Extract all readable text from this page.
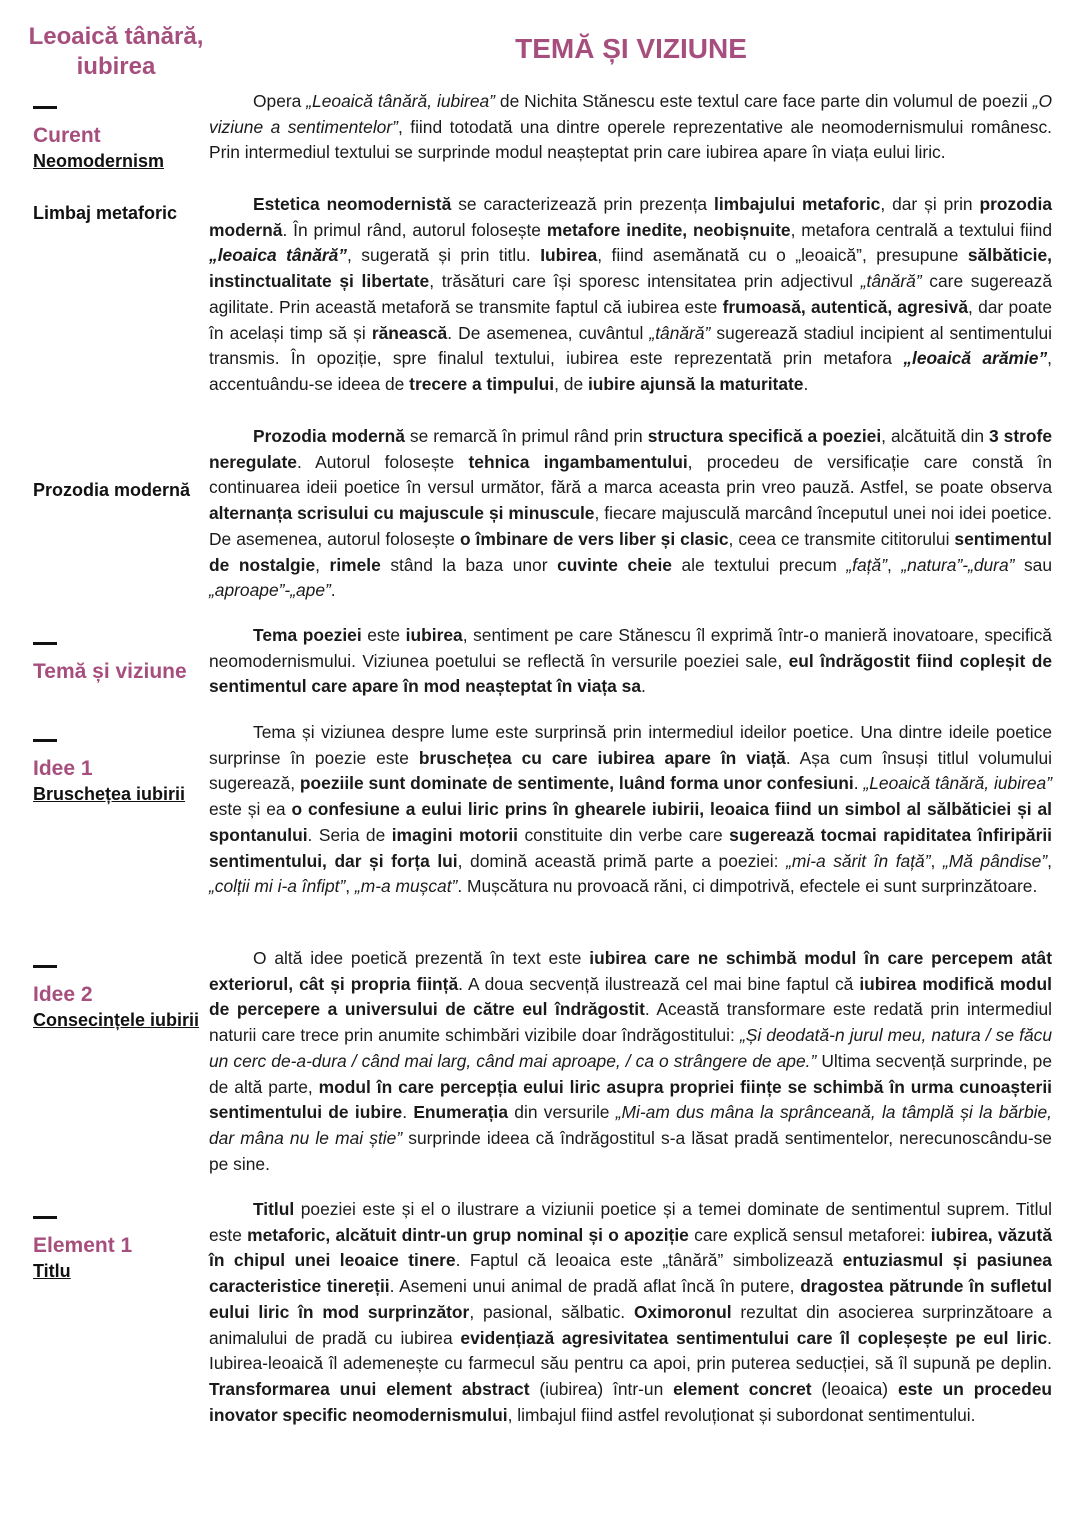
Leoaică tânără, iubirea
TEMĂ ȘI VIZIUNE
Curent
Neomodernism
Limbaj metaforic
Prozodia modernă
Temă și viziune
Idee 1
Bruschețea iubirii
Idee 2
Consecințele iubirii
Element 1
Titlu

Opera „Leoaică tânără, iubirea” de Nichita Stănescu este textul care face parte din volumul de poezii „O viziune a sentimentelor”, fiind totodată una dintre operele reprezentative ale neomodernismului românesc. Prin intermediul textului se surprinde modul neașteptat prin care iubirea apare în viața eului liric.

Estetica neomodernistă se caracterizează prin prezența limbajului metaforic, dar și prin prozodia modernă. În primul rând, autorul folosește metafore inedite, neobișnuite, metafora centrală a textului fiind „leoaica tânără”, sugerată și prin titlu. Iubirea, fiind asemănată cu o „leoaică”, presupune sălbăticie, instinctualitate și libertate, trăsături care își sporesc intensitatea prin adjectivul „tânără” care sugerează agilitate. Prin această metaforă se transmite faptul că iubirea este frumoasă, autentică, agresivă, dar poate în același timp să și rănească. De asemenea, cuvântul „tânără” sugerează stadiul incipient al sentimentului transmis. În opoziție, spre finalul textului, iubirea este reprezentată prin metafora „leoaică arămie”, accentuându-se ideea de trecere a timpului, de iubire ajunsă la maturitate.

Prozodia modernă se remarcă în primul rând prin structura specifică a poeziei, alcătuită din 3 strofe neregulate. Autorul folosește tehnica ingambamentului, procedeu de versificație care constă în continuarea ideii poetice în versul următor, fără a marca aceasta prin vreo pauză. Astfel, se poate observa alternanța scrisului cu majuscule și minuscule, fiecare majusculă marcând începutul unei noi idei poetice. De asemenea, autorul folosește o îmbinare de vers liber și clasic, ceea ce transmite cititorului sentimentul de nostalgie, rimele stând la baza unor cuvinte cheie ale textului precum „față”, „natura”-„dura” sau „aproape”-„ape”.

Tema poeziei este iubirea, sentiment pe care Stănescu îl exprimă într-o manieră inovatoare, specifică neomodernismului. Viziunea poetului se reflectă în versurile poeziei sale, eul îndrăgostit fiind copleșit de sentimentul care apare în mod neașteptat în viața sa.

Tema și viziunea despre lume este surprinsă prin intermediul ideilor poetice. Una dintre ideile poetice surprinse în poezie este bruschețea cu care iubirea apare în viață. Așa cum însuși titlul volumului sugerează, poeziile sunt dominate de sentimente, luând forma unor confesiuni. „Leoaică tânără, iubirea” este și ea o confesiune a eului liric prins în ghearele iubirii, leoaica fiind un simbol al sălbăticiei și al spontanului. Seria de imagini motorii constituite din verbe care sugerează tocmai rapiditatea înfiripării sentimentului, dar și forța lui, domină această primă parte a poeziei: „mi-a sărit în față”, „Mă pândise”, „colții mi i-a înfipt”, „m-a mușcat”. Mușcătura nu provoacă răni, ci dimpotrivă, efectele ei sunt surprinzătoare.

O altă idee poetică prezentă în text este iubirea care ne schimbă modul în care percepem atât exteriorul, cât și propria ființă. A doua secvență ilustrează cel mai bine faptul că iubirea modifică modul de percepere a universului de către eul îndrăgostit. Această transformare este redată prin intermediul naturii care trece prin anumite schimbări vizibile doar îndrăgostitului: „Și deodată-n jurul meu, natura / se făcu un cerc de-a-dura / când mai larg, când mai aproape, / ca o strângere de ape.” Ultima secvență surprinde, pe de altă parte, modul în care percepția eului liric asupra propriei ființe se schimbă în urma cunoașterii sentimentului de iubire. Enumerația din versurile „Mi-am dus mâna la sprânceană, la tâmplă și la bărbie, dar mâna nu le mai știe” surprinde ideea că îndrăgostitul s-a lăsat pradă sentimentelor, nerecunoscându-se pe sine.

Titlul poeziei este și el o ilustrare a viziunii poetice și a temei dominate de sentimentul suprem. Titlul este metaforic, alcătuit dintr-un grup nominal și o apoziție care explică sensul metaforei: iubirea, văzută în chipul unei leoaice tinere. Faptul că leoaica este „tânără” simbolizează entuziasmul și pasiunea caracteristice tinereții. Asemeni unui animal de pradă aflat încă în putere, dragostea pătrunde în sufletul eului liric în mod surprinzător, pasional, sălbatic. Oximoronul rezultat din asocierea surprinzătoare a animalului de pradă cu iubirea evidențiază agresivitatea sentimentului care îl copleșește pe eul liric. Iubirea-leoaică îl ademenește cu farmecul său pentru ca apoi, prin puterea seducției, să îl supună pe deplin. Transformarea unui element abstract (iubirea) într-un element concret (leoaica) este un procedeu inovator specific neomodernismului, limbajul fiind astfel revoluționat și subordonat sentimentului.
